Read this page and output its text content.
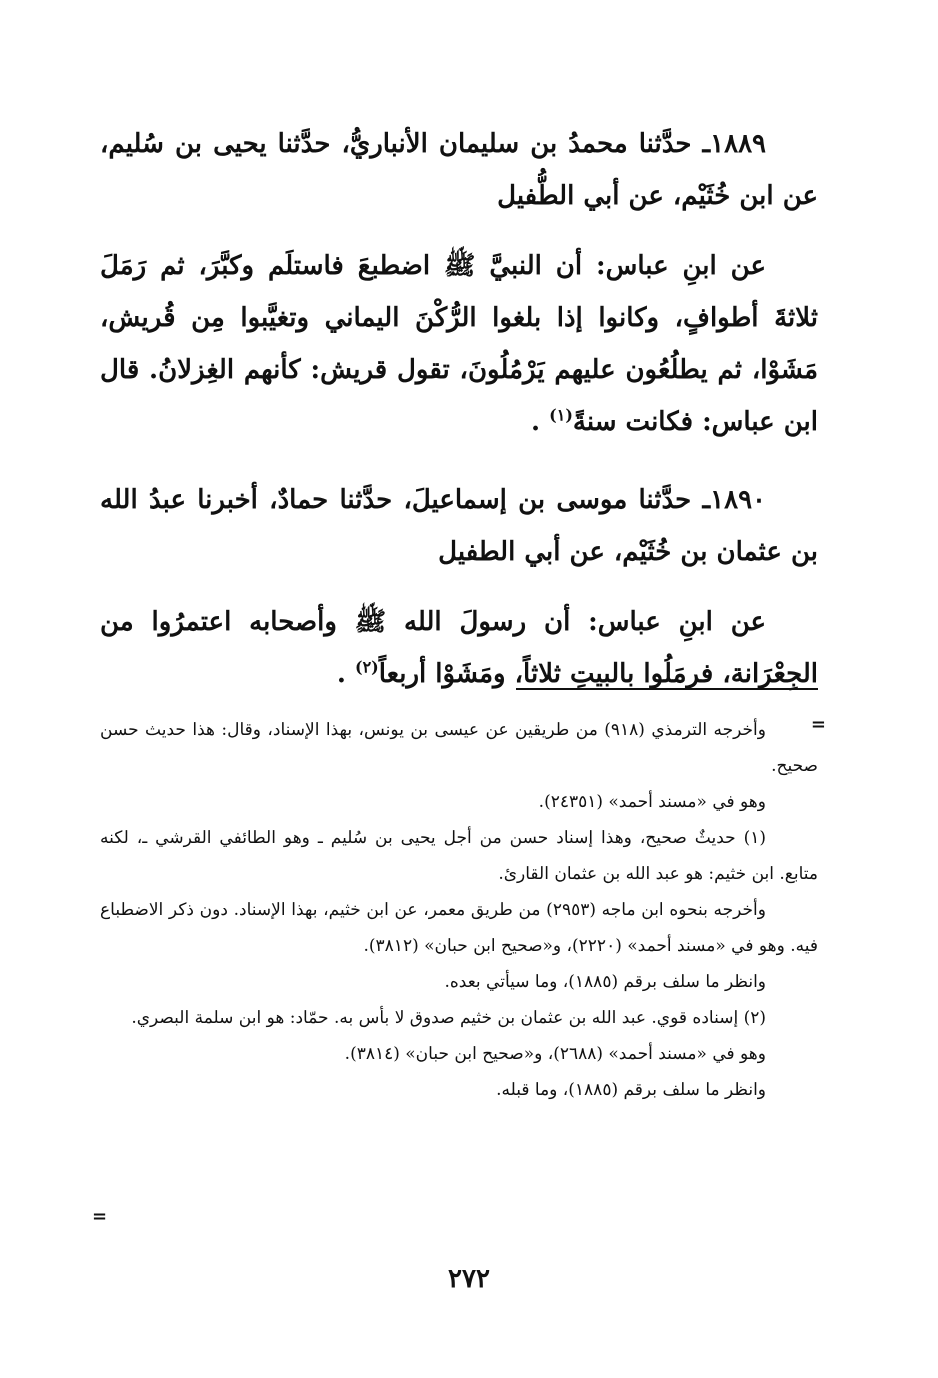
١٨٨٩ـ حدَّثنا محمدُ بن سليمان الأنباريُّ، حدَّثنا يحيى بن سُليم، عن ابن خُثَيْم، عن أبي الطُّفيل

عن ابنِ عباس: أن النبيَّ ﷺ اضطبعَ فاستلَم وكبَّرَ، ثم رَمَلَ ثلاثةَ أطوافٍ، وكانوا إذا بلغوا الرُّكْنَ اليماني وتغيَّبوا مِن قُريش، مَشَوْا، ثم يطلُعُون عليهم يَرْمُلُونَ، تقول قريش: كأنهم الغِزلانُ. قال ابن عباس: فكانت سنةً$^{(١)}$ .

١٨٩٠ـ حدَّثنا موسى بن إسماعيلَ، حدَّثنا حمادٌ، أخبرنا عبدُ الله بن عثمان بن خُثَيْم، عن أبي الطفيل

عن ابنِ عباس: أن رسولَ الله ﷺ وأصحابه اعتمرُوا من الجِعْرَانة، فرمَلُوا بالبيتِ ثلاثاً، ومَشَوْا أربعاً$^{(٢)}$ .

=

وأخرجه الترمذي (٩١٨) من طريقين عن عيسى بن يونس، بهذا الإسناد، وقال: هذا حديث حسن صحيح.

وهو في «مسند أحمد» (٢٤٣٥١).

(١) حديثٌ صحيح، وهذا إسناد حسن من أجل يحيى بن سُليم ـ وهو الطائفي القرشي ـ، لكنه متابع. ابن خثيم: هو عبد الله بن عثمان القارئ.

وأخرجه بنحوه ابن ماجه (٢٩٥٣) من طريق معمر، عن ابن خثيم، بهذا الإسناد. دون ذكر الاضطباع فيه. وهو في «مسند أحمد» (٢٢٢٠)، و«صحيح ابن حبان» (٣٨١٢).

وانظر ما سلف برقم (١٨٨٥)، وما سيأتي بعده.

(٢) إسناده قوي. عبد الله بن عثمان بن خثيم صدوق لا بأس به. حمّاد: هو ابن سلمة البصري.

وهو في «مسند أحمد» (٢٦٨٨)، و«صحيح ابن حبان» (٣٨١٤).

وانظر ما سلف برقم (١٨٨٥)، وما قبله.

=
٢٧٢
